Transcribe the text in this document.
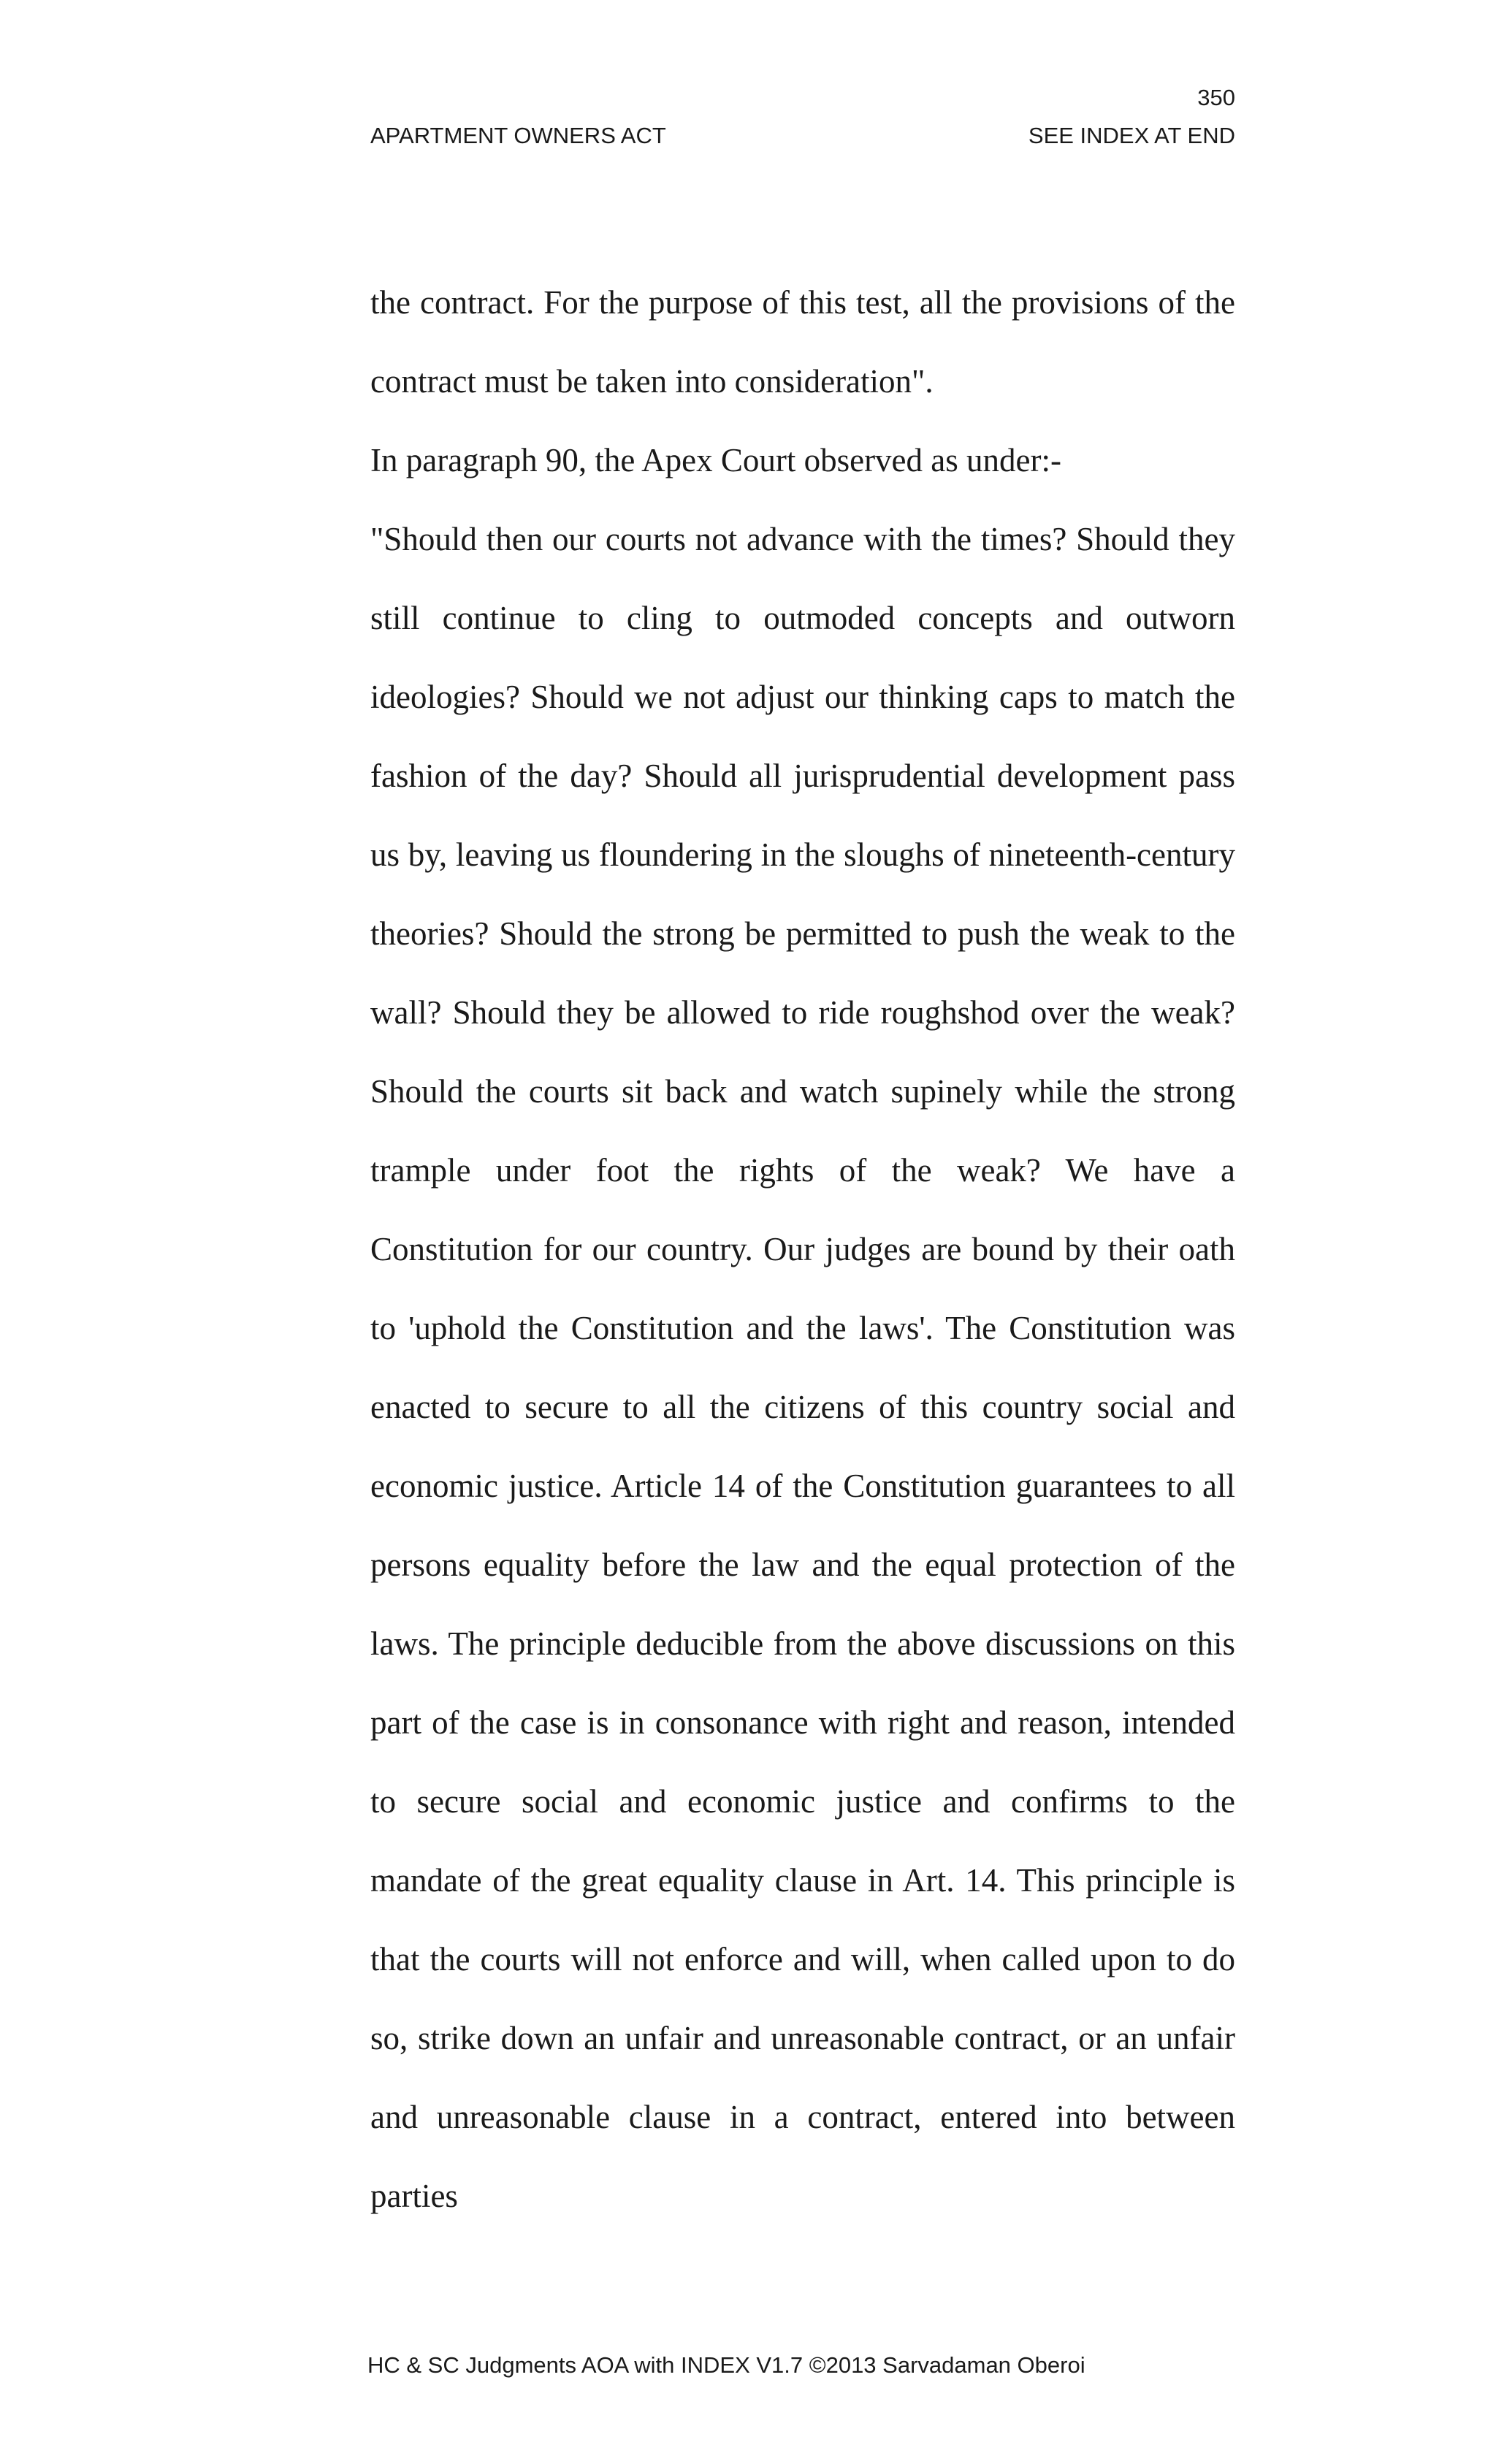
350
APARTMENT OWNERS ACT	SEE INDEX AT END

the contract. For the purpose of this test, all the provisions of the contract must be taken into consideration".

In paragraph 90, the Apex Court observed as under:-

"Should then our courts not advance with the times? Should they still continue to cling to outmoded concepts and outworn ideologies? Should we not adjust our thinking caps to match the fashion of the day? Should all jurisprudential development pass us by, leaving us floundering in the sloughs of nineteenth-century theories? Should the strong be permitted to push the weak to the wall? Should they be allowed to ride roughshod over the weak? Should the courts sit back and watch supinely while the strong trample under foot the rights of the weak? We have a Constitution for our country. Our judges are bound by their oath to 'uphold the Constitution and the laws'. The Constitution was enacted to secure to all the citizens of this country social and economic justice. Article 14 of the Constitution guarantees to all persons equality before the law and the equal protection of the laws. The principle deducible from the above discussions on this part of the case is in consonance with right and reason, intended to secure social and economic justice and confirms to the mandate of the great equality clause in Art. 14. This principle is that the courts will not enforce and will, when called upon to do so, strike down an unfair and unreasonable contract, or an unfair and unreasonable clause in a contract, entered into between parties

HC & SC Judgments AOA with INDEX V1.7 ©2013 Sarvadaman Oberoi
